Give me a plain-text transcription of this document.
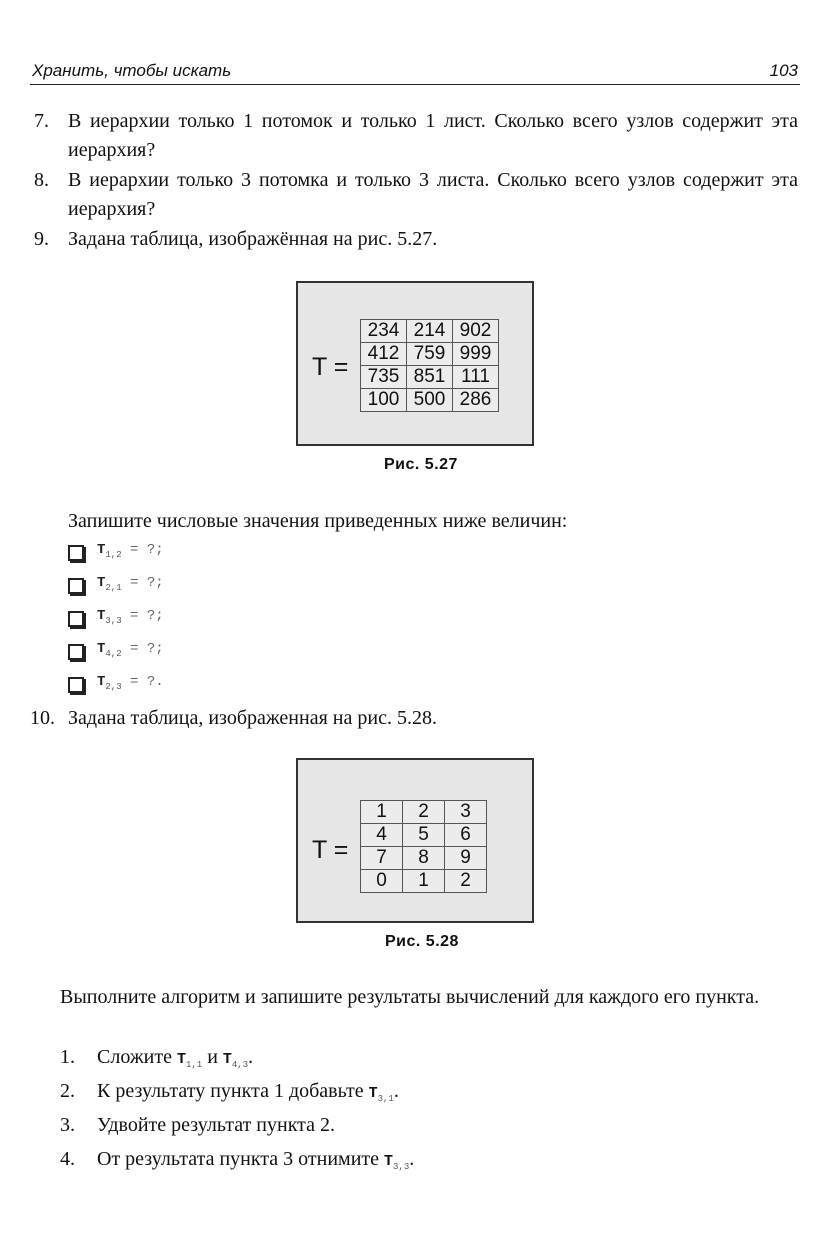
Хранить, чтобы искать	103
7. В иерархии только 1 потомок и только 1 лист. Сколько всего узлов содержит эта иерархия?
8. В иерархии только 3 потомка и только 3 листа. Сколько всего узлов содержит эта иерархия?
9. Задана таблица, изображённая на рис. 5.27.
T =
234	214	902
412	759	999
735	851	111
100	500	286
Рис. 5.27
Запишите числовые значения приведенных ниже величин:
$T_{1,2}$ = ?;
$T_{2,1}$ = ?;
$T_{3,3}$ = ?;
$T_{4,2}$ = ?;
$T_{2,3}$ = ?.
10. Задана таблица, изображенная на рис. 5.28.
T =
1	2	3
4	5	6
7	8	9
0	1	2
Рис. 5.28
Выполните алгоритм и запишите результаты вычислений для каждого его пункта.
1. Сложите $T_{1,1}$ и $T_{4,3}$.
2. К результату пункта 1 добавьте $T_{3,1}$.
3. Удвойте результат пункта 2.
4. От результата пункта 3 отнимите $T_{3,3}$.
